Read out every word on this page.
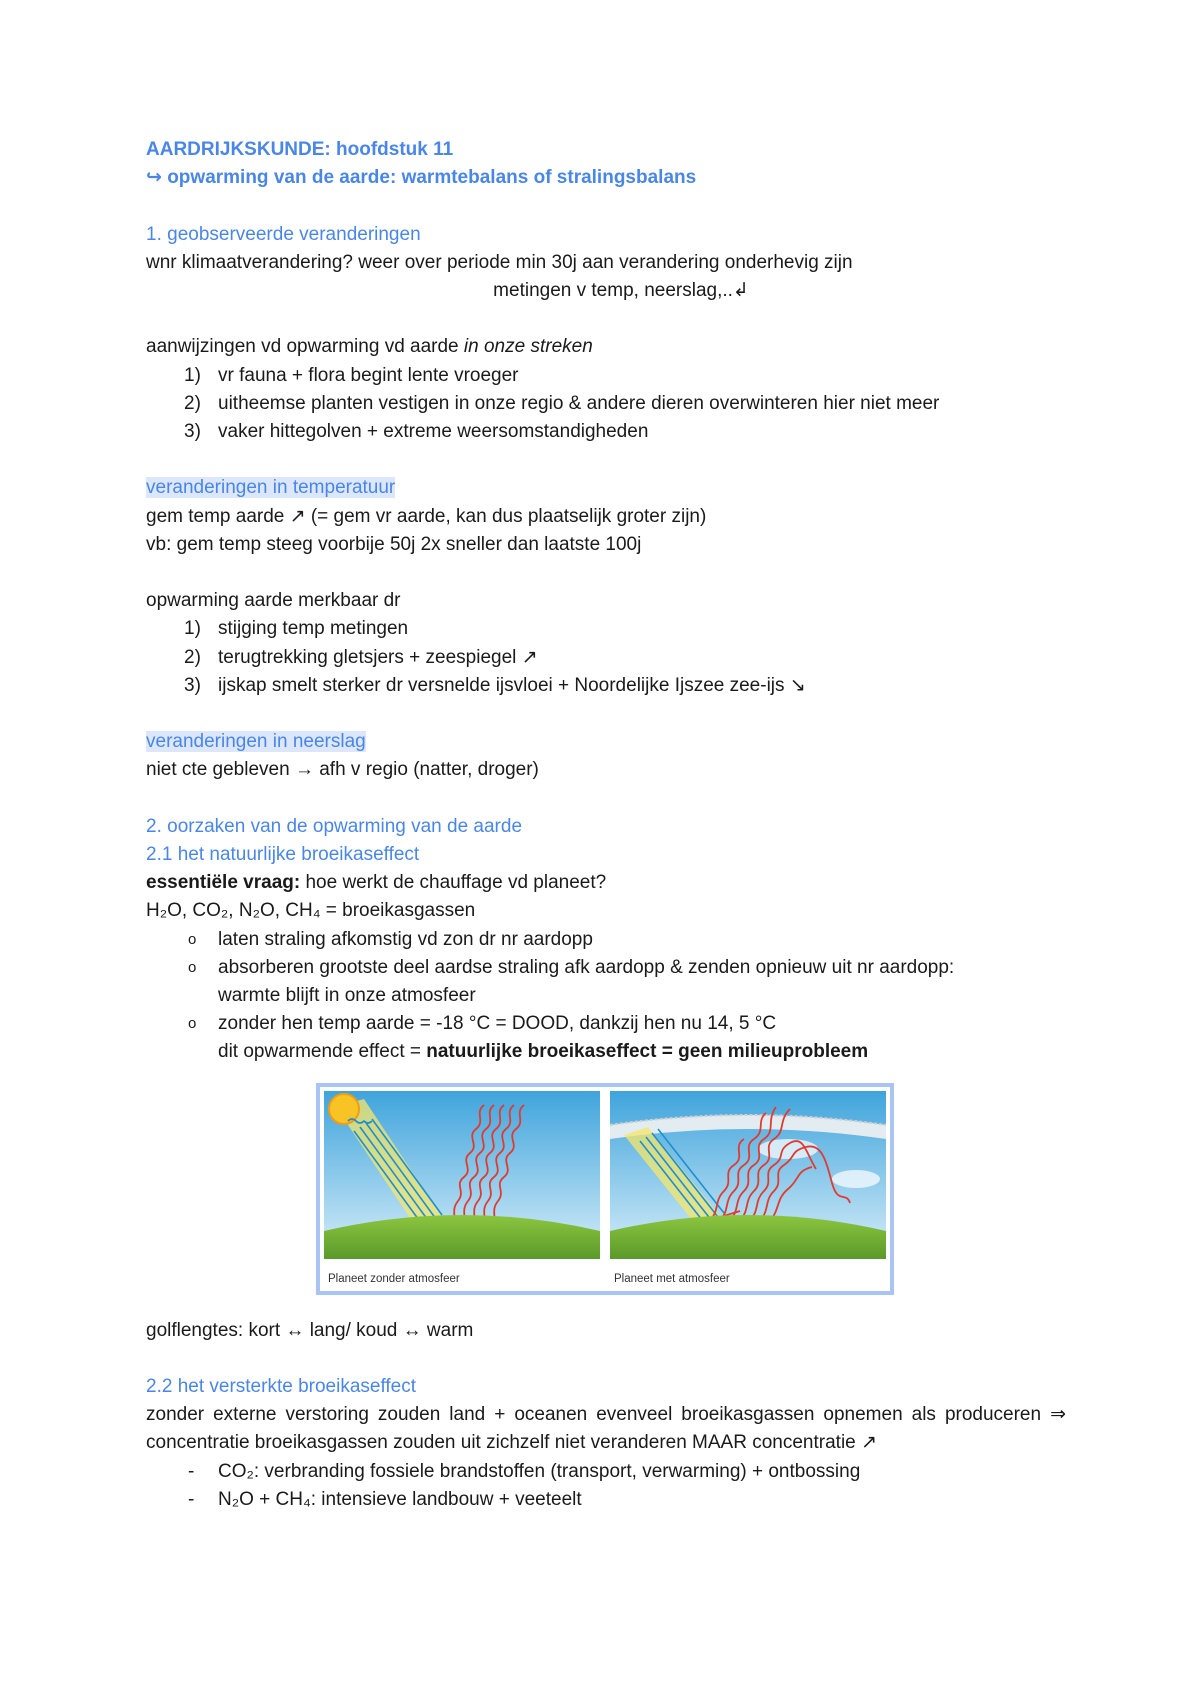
AARDRIJKSKUNDE: hoofdstuk 11
↪ opwarming van de aarde: warmtebalans of stralingsbalans
1. geobserveerde veranderingen
wnr klimaatverandering? weer over periode min 30j aan verandering onderhevig zijn
metingen v temp, neerslag,..↲
aanwijzingen vd opwarming vd aarde in onze streken
1) vr fauna + flora begint lente vroeger
2) uitheemse planten vestigen in onze regio & andere dieren overwinteren hier niet meer
3) vaker hittegolven + extreme weersomstandigheden
veranderingen in temperatuur
gem temp aarde ↗ (= gem vr aarde, kan dus plaatselijk groter zijn)
vb: gem temp steeg voorbije 50j 2x sneller dan laatste 100j
opwarming aarde merkbaar dr
1) stijging temp metingen
2) terugtrekking gletsjers + zeespiegel ↗
3) ijskap smelt sterker dr versnelde ijsvloei + Noordelijke Ijszee zee-ijs ↘
veranderingen in neerslag
niet cte gebleven → afh v regio (natter, droger)
2. oorzaken van de opwarming van de aarde
2.1 het natuurlijke broeikaseffect
essentiële vraag: hoe werkt de chauffage vd planeet?
H₂O, CO₂, N₂O, CH₄ = broeikasgassen
o laten straling afkomstig vd zon dr nr aardopp
o absorberen grootste deel aardse straling afk aardopp & zenden opnieuw uit nr aardopp:
warmte blijft in onze atmosfeer
o zonder hen temp aarde = -18 °C = DOOD, dankzij hen nu 14, 5 °C
dit opwarmende effect = natuurlijke broeikaseffect = geen milieuprobleem
Planeet zonder atmosfeer	Planeet met atmosfeer
golflengtes: kort ↔ lang/ koud ↔ warm
2.2 het versterkte broeikaseffect
zonder externe verstoring zouden land + oceanen evenveel broeikasgassen opnemen als produceren ⇒ concentratie broeikasgassen zouden uit zichzelf niet veranderen MAAR concentratie ↗
- CO₂: verbranding fossiele brandstoffen (transport, verwarming) + ontbossing
- N₂O + CH₄: intensieve landbouw + veeteelt
